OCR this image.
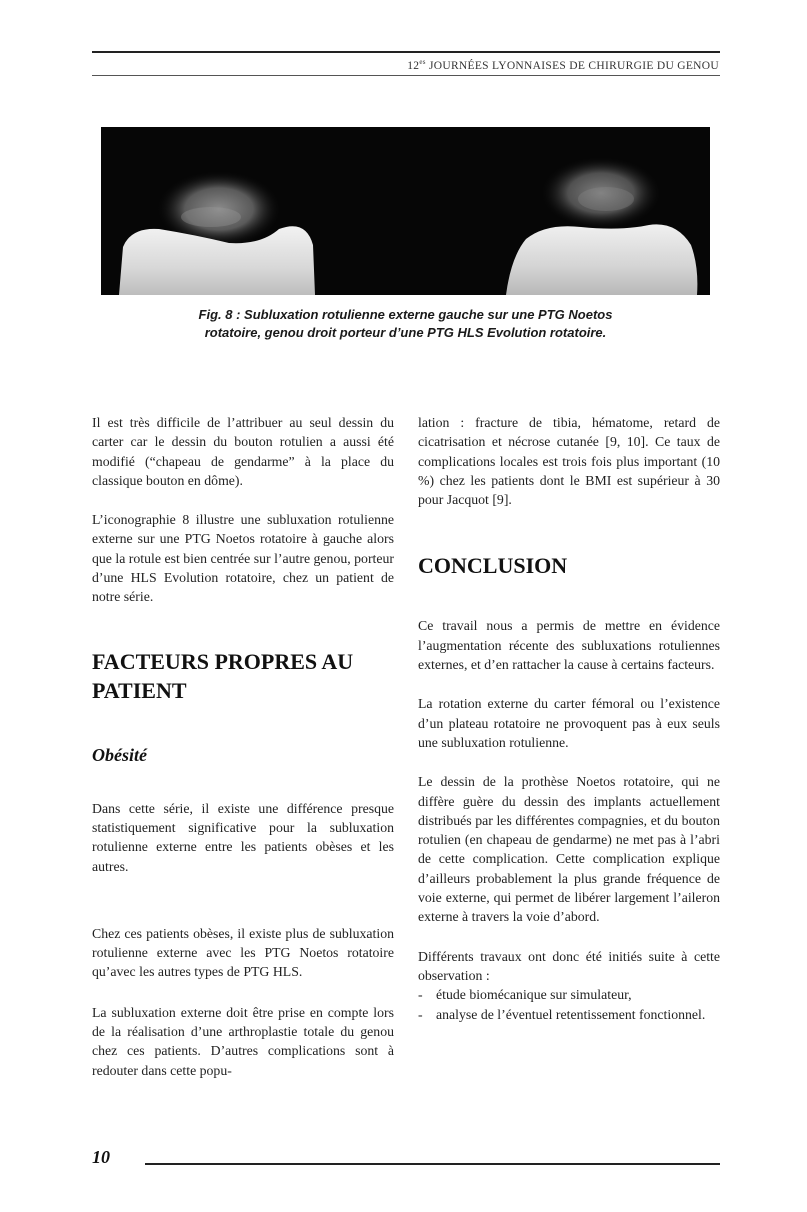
$12^{es}$ JOURNÉES LYONNAISES DE CHIRURGIE DU GENOU
Fig. 8 : Subluxation rotulienne externe gauche sur une PTG Noetos
rotatoire, genou droit porteur d’une PTG HLS Evolution rotatoire.

Il est très difficile de l’attribuer au seul dessin du carter car le dessin du bouton rotulien a aussi été modifié (“chapeau de gendarme” à la place du classique bouton en dôme).

L’iconographie 8 illustre une subluxation rotulienne externe sur une PTG Noetos rotatoire à gauche alors que la rotule est bien centrée sur l’autre genou, porteur d’une HLS Evolution rotatoire, chez un patient de notre série.

FACTEURS PROPRES AU PATIENT
Obésité

Dans cette série, il existe une différence presque statistiquement significative pour la subluxation rotulienne externe entre les patients obèses et les autres.

Chez ces patients obèses, il existe plus de subluxation rotulienne externe avec les PTG Noetos rotatoire qu’avec les autres types de PTG HLS.

La subluxation externe doit être prise en compte lors de la réalisation d’une arthroplastie totale du genou chez ces patients. D’autres complications sont à redouter dans cette popu-

lation : fracture de tibia, hématome, retard de cicatrisation et nécrose cutanée [9, 10]. Ce taux de complications locales est trois fois plus important (10 %) chez les patients dont le BMI est supérieur à 30 pour Jacquot [9].

CONCLUSION

Ce travail nous a permis de mettre en évidence l’augmentation récente des subluxations rotuliennes externes, et d’en rattacher la cause à certains facteurs.

La rotation externe du carter fémoral ou l’existence d’un plateau rotatoire ne provoquent pas à eux seuls une subluxation rotulienne.

Le dessin de la prothèse Noetos rotatoire, qui ne diffère guère du dessin des implants actuellement distribués par les différentes compagnies, et du bouton rotulien (en chapeau de gendarme) ne met pas à l’abri de cette complication. Cette complication explique d’ailleurs probablement la plus grande fréquence de voie externe, qui permet de libérer largement l’aileron externe à travers la voie d’abord.

Différents travaux ont donc été initiés suite à cette observation :

- étude biomécanique sur simulateur,
- analyse de l’éventuel retentissement fonctionnel.
10
